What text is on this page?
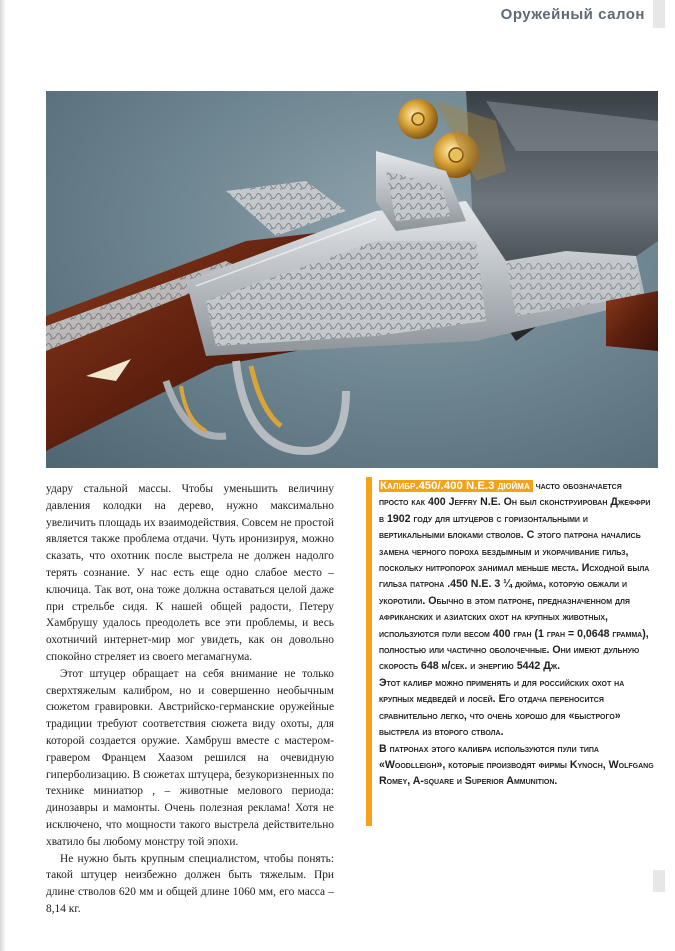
Оружейный салон

удару стальной массы. Чтобы уменьшить величину давления колодки на дерево, нужно максимально увеличить площадь их взаимодействия. Совсем не простой является также проблема отдачи. Чуть иронизируя, можно сказать, что охотник после выстрела не должен надолго терять сознание. У нас есть еще одно слабое место – ключица. Так вот, она тоже должна оставаться целой даже при стрельбе сидя. К нашей общей радости, Петеру Хамбрушу удалось преодолеть все эти проблемы, и весь охотничий интернет-мир мог увидеть, как он довольно спокойно стреляет из своего мегамагнума.

Этот штуцер обращает на себя внимание не только сверхтяжелым калибром, но и совершенно необычным сюжетом гравировки. Австрийско-германские оружейные традиции требуют соответствия сюжета виду охоты, для которой создается оружие. Хамбруш вместе с мастером-гравером Францем Хаазом решился на очевидную гиперболизацию. В сюжетах штуцера, безукоризненных по технике миниатюр , – животные мелового периода: динозавры и мамонты. Очень полезная реклама! Хотя не исключено, что мощности такого выстрела действительно хватило бы любому монстру той эпохи.

Не нужно быть крупным специалистом, чтобы понять: такой штуцер неизбежно должен быть тяжелым. При длине стволов 620 мм и общей длине 1060 мм, его масса – 8,14 кг.

Калибр.450/.400 N.E.3 дюйма часто обозначается просто как 400 Jeffry N.E. Он был сконструирован Джеффри в 1902 году для штуцеров с горизонтальными и вертикальными блоками стволов. С этого патрона начались замена черного пороха бездымным и укорачивание гильз, поскольку нитропорох занимал меньше места. Исходной была гильза патрона .450 N.E. 3 ¼ дюйма, которую обжали и укоротили. Обычно в этом патроне, предназначенном для африканских и азиатских охот на крупных животных, используются пули весом 400 гран (1 гран = 0,0648 грамма), полностью или частично оболочечные. Они имеют дульную скорость 648 м/сек. и энергию 5442 Дж.

Этот калибр можно применять и для российских охот на крупных медведей и лосей. Его отдача переносится сравнительно легко, что очень хорошо для «быстрого» выстрела из второго ствола.

В патронах этого калибра используются пули типа «Woodlleigh», которые производят фирмы Kynoch, Wolfgang Romey, A-square и Superior Ammunition.
